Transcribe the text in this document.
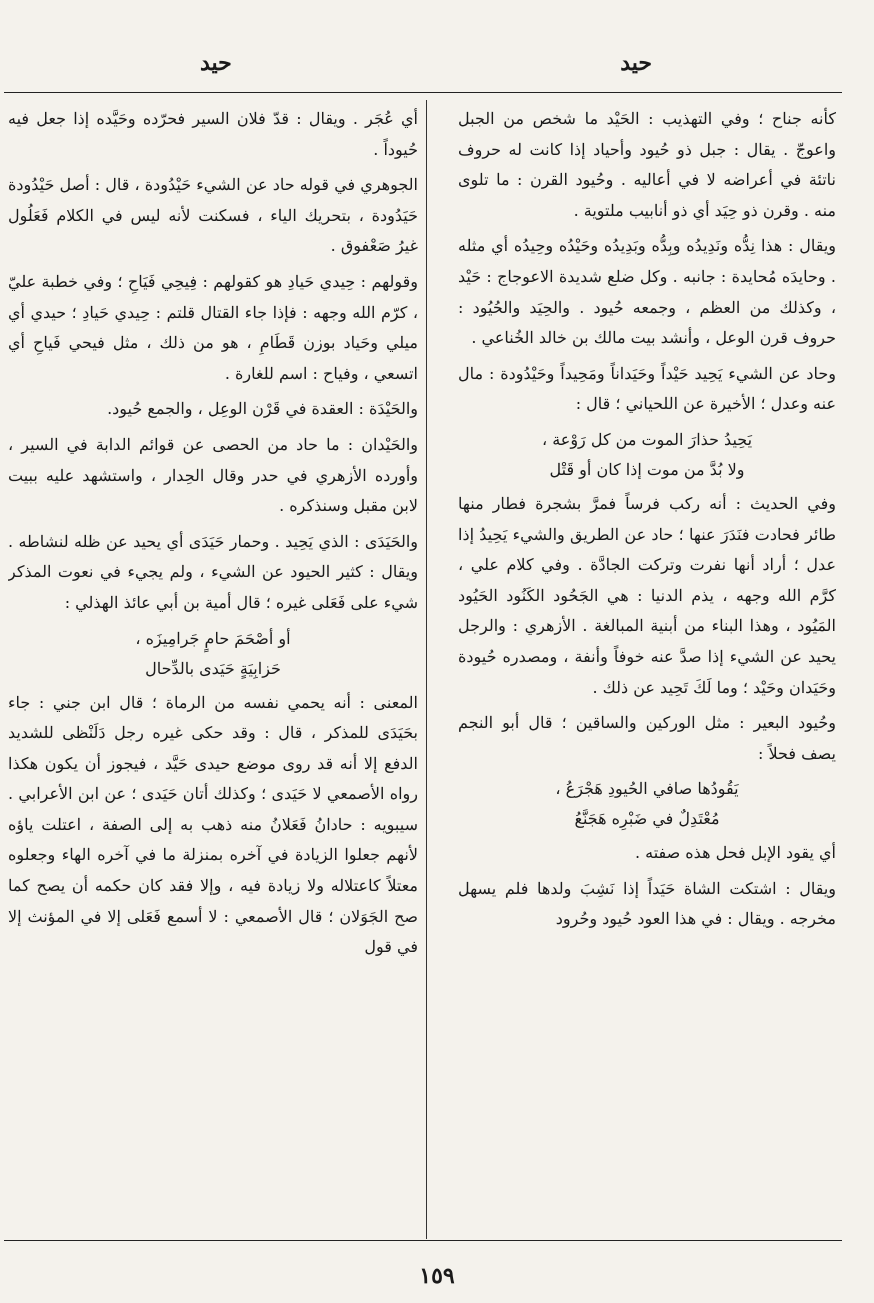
حيد
حيد

كأنه جناح ؛ وفي التهذيب : الحَيْد ما شخص من الجبل واعوجّ . يقال : جبل ذو حُيود وأحياد إذا كانت له حروف ناتئة في أعراضه لا في أعاليه . وحُيود القرن : ما تلوى منه . وقرن ذو حِيَد أي ذو أنابيب ملتوية .

ويقال : هذا نِدُّه ونَدِيدُه وبِدُّه وبَدِيدُه وحَيْدُه وحِيدُه أي مثله . وحايدَه مُحايدة : جانبه . وكل ضلع شديدة الاعوجاج : حَيْد ، وكذلك من العظم ، وجمعه حُيود . والحِيَد والحُيُود : حروف قرن الوعل ، وأنشد بيت مالك بن خالد الخُناعي .

وحاد عن الشيء يَحِيد حَيْداً وحَيَداناً ومَحِيداً وحَيْدُودة : مال عنه وعدل ؛ الأخيرة عن اللحياني ؛ قال :

يَحِيدُ حذارَ الموت من كل رَوْعة ،
ولا بُدَّ من موت إذا كان أو قَتْل

وفي الحديث : أنه ركب فرساً فمرَّ بشجرة فطار منها طائر فحادت فنَدَرَ عنها ؛ حاد عن الطريق والشيء يَحِيدُ إذا عدل ؛ أراد أنها نفرت وتركت الجادَّة . وفي كلام علي ، كرَّم الله وجهه ، يذم الدنيا : هي الجَحُود الكَنُود الحَيُود المَيُود ، وهذا البناء من أبنية المبالغة . الأزهري : والرجل يحيد عن الشيء إذا صدَّ عنه خوفاً وأنفة ، ومصدره حُيودة وحَيَدان وحَيْد ؛ وما لَكَ تَحِيد عن ذلك .

وحُيود البعير : مثل الوركين والساقين ؛ قال أبو النجم يصف فحلاً :

يَقُودُها صافي الحُيودِ هَجْرَعُ ،
مُعْتَدِلٌ في ضَبْرِه هَجَنَّعُ

أي يقود الإبل فحل هذه صفته .

ويقال : اشتكت الشاة حَيَداً إذا نَشِبَ ولدها فلم يسهل مخرجه . ويقال : في هذا العود حُيود وحُرود

أي عُجَر . ويقال : قدّ فلان السير فحرّده وحَيَّده إذا جعل فيه حُيوداً .

الجوهري في قوله حاد عن الشيء حَيْدُودة ، قال : أصل حَيْدُودة حَيَدُودة ، بتحريك الياء ، فسكنت لأنه ليس في الكلام فَعَلُول غيرُ صَعْفوق .

وقولهم : حِيدي حَيادِ هو كقولهم : فِيحِي فَيَاحِ ؛ وفي خطبة عليّ ، كرّم الله وجهه : فإذا جاء القتال قلتم : حِيدي حَيادِ ؛ حيدي أي ميلي وحَياد بوزن قَطَامِ ، هو من ذلك ، مثل فيحي فَياحِ أي اتسعي ، وفياح : اسم للغارة .

والحَيْدَة : العقدة في قَرْن الوعِل ، والجمع حُيود.

والحَيْدان : ما حاد من الحصى عن قوائم الدابة في السير ، وأورده الأزهري في حدر وقال الحِدار ، واستشهد عليه ببيت لابن مقبل وسنذكره .

والحَيَدَى : الذي يَحِيد . وحمار حَيَدَى أي يحيد عن ظله لنشاطه . ويقال : كثير الحيود عن الشيء ، ولم يجيء في نعوت المذكر شيء على فَعَلى غيره ؛ قال أمية بن أبي عائذ الهذلي :

أو أصْحَمَ حامٍ جَرامِيزَه ،
حَزابِيَةٍ حَيَدى بالدِّحال

المعنى : أنه يحمي نفسه من الرماة ؛ قال ابن جني : جاء بحَيَدَى للمذكر ، قال : وقد حكى غيره رجل دَلَنْظى للشديد الدفع إلا أنه قد روى موضع حيدى حَيَّد ، فيجوز أن يكون هكذا رواه الأصمعي لا حَيَدى ؛ وكذلك أتان حَيَدى ؛ عن ابن الأعرابي . سيبويه : حادانُ فَعَلانُ منه ذهب به إلى الصفة ، اعتلت ياؤه لأنهم جعلوا الزيادة في آخره بمنزلة ما في آخره الهاء وجعلوه معتلاً كاعتلاله ولا زيادة فيه ، وإلا فقد كان حكمه أن يصح كما صح الجَوَلان ؛ قال الأصمعي : لا أسمع فَعَلى إلا في المؤنث إلا في قول

١٥٩
